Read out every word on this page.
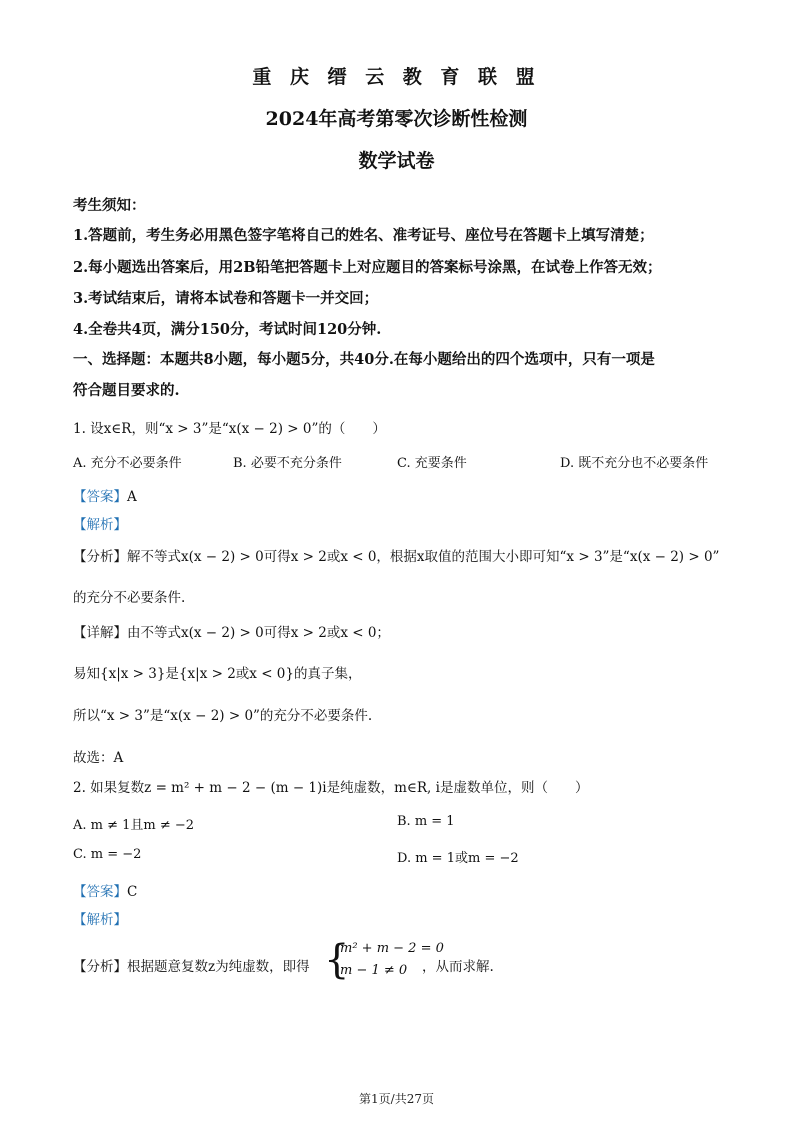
重 庆 缙 云 教 育 联 盟
2024年高考第零次诊断性检测
数学试卷
考生须知：
1.答题前，考生务必用黑色签字笔将自己的姓名、准考证号、座位号在答题卡上填写清楚；
2.每小题选出答案后，用2B铅笔把答题卡上对应题目的答案标号涂黑，在试卷上作答无效；
3.考试结束后，请将本试卷和答题卡一并交回；
4.全卷共4页，满分150分，考试时间120分钟.
一、选择题：本题共8小题，每小题5分，共40分.在每小题给出的四个选项中，只有一项是
符合题目要求的.
1. 设x∈R，则“x > 3”是“x(x − 2) > 0”的（　　）
A. 充分不必要条件	B. 必要不充分条件	C. 充要条件	D. 既不充分也不必要条件
【答案】A
【解析】
【分析】解不等式x(x − 2) > 0可得x > 2或x < 0，根据x取值的范围大小即可知“x > 3”是“x(x − 2) > 0”
的充分不必要条件.
【详解】由不等式x(x − 2) > 0可得x > 2或x < 0；
易知{x|x > 3}是{x|x > 2或x < 0}的真子集，
所以“x > 3”是“x(x − 2) > 0”的充分不必要条件.
故选：A
2. 如果复数z = m² + m − 2 − (m − 1)i是纯虚数，m∈R, i是虚数单位，则（　　）
A. m ≠ 1且m ≠ −2	B. m = 1
C. m = −2	D. m = 1或m = −2
【答案】C
【解析】
【分析】根据题意复数z为纯虚数，即得 {
m² + m − 2 = 0
m − 1 ≠ 0	，从而求解.
第1页/共27页
